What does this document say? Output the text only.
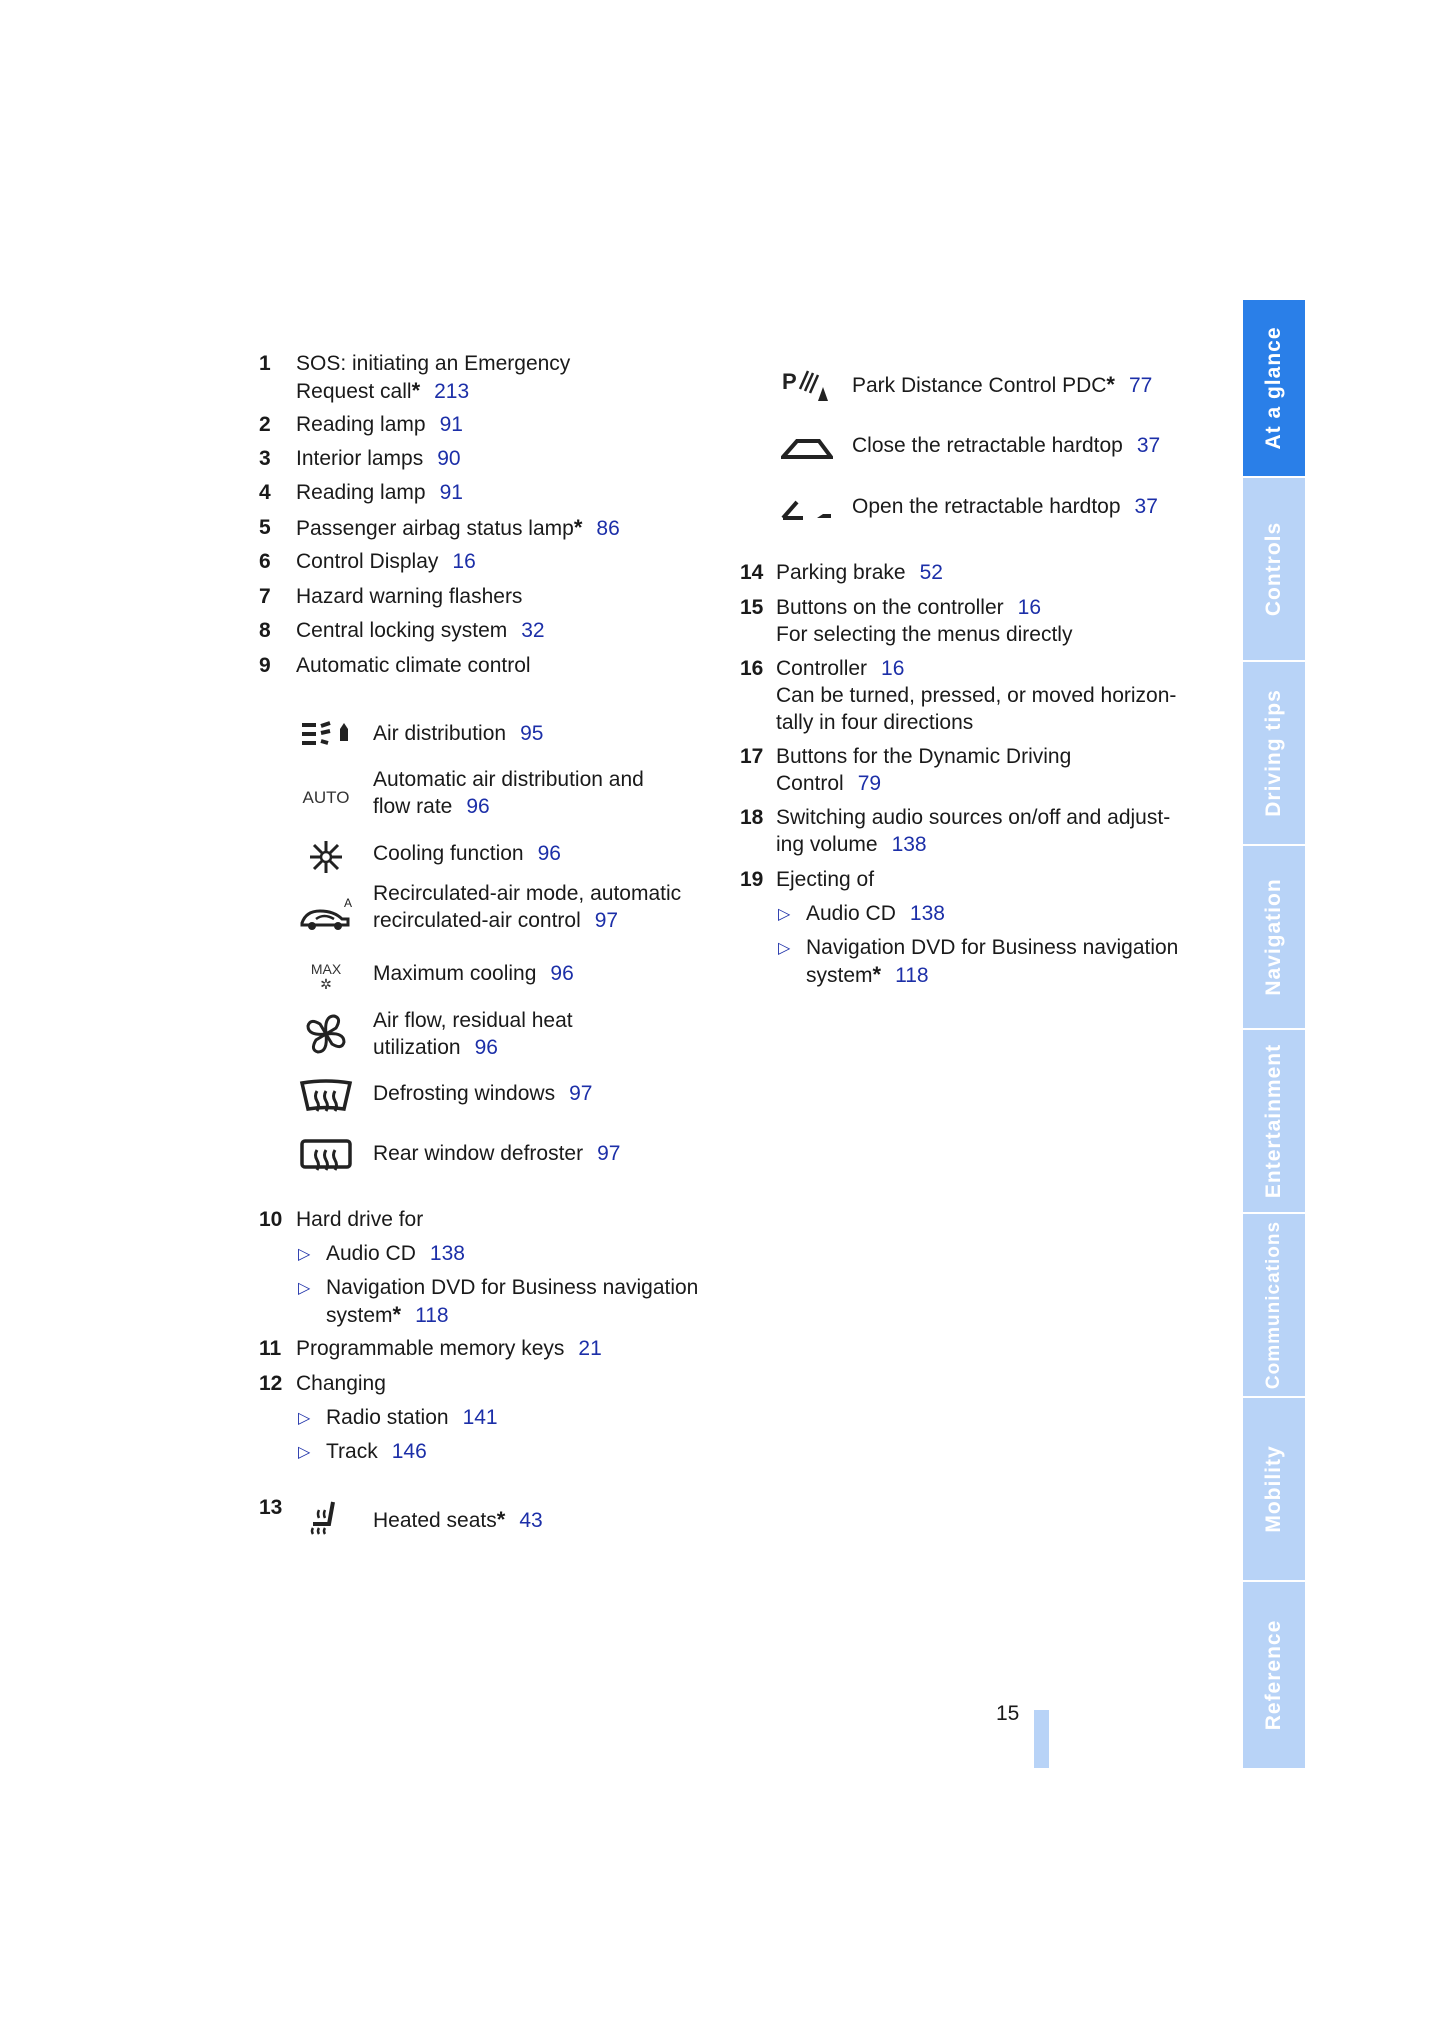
1 SOS: initiating an Emergency
Request call* 213
2 Reading lamp 91
3 Interior lamps 90
4 Reading lamp 91
5 Passenger airbag status lamp* 86
6 Control Display 16
7 Hazard warning flashers
8 Central locking system 32
9 Automatic climate control
Air distribution 95
AUTO
Automatic air distribution and
flow rate 96
Cooling function 96
A Recirculated-air mode, automatic
recirculated-air control 97
MAX
✲	Maximum cooling 96
Air flow, residual heat
utilization 96
Defrosting windows 97
Rear window defroster 97
10 Hard drive for
▷ Audio CD 138
▷ Navigation DVD for Business navigation
system* 118
11 Programmable memory keys 21
12 Changing
▷ Radio station 141
▷ Track 146
13
Heated seats* 43
P	Park Distance Control PDC* 77
Close the retractable hardtop 37
Open the retractable hardtop 37
14 Parking brake 52
15 Buttons on the controller 16
For selecting the menus directly
16 Controller 16
Can be turned, pressed, or moved horizon-
tally in four directions
17 Buttons for the Dynamic Driving
Control 79
18 Switching audio sources on/off and adjust-
ing volume 138
19 Ejecting of
▷ Audio CD 138
▷ Navigation DVD for Business navigation
system* 118
At a glance
Controls
Driving tips
Navigation
Entertainment
Communications
Mobility
Reference
15
